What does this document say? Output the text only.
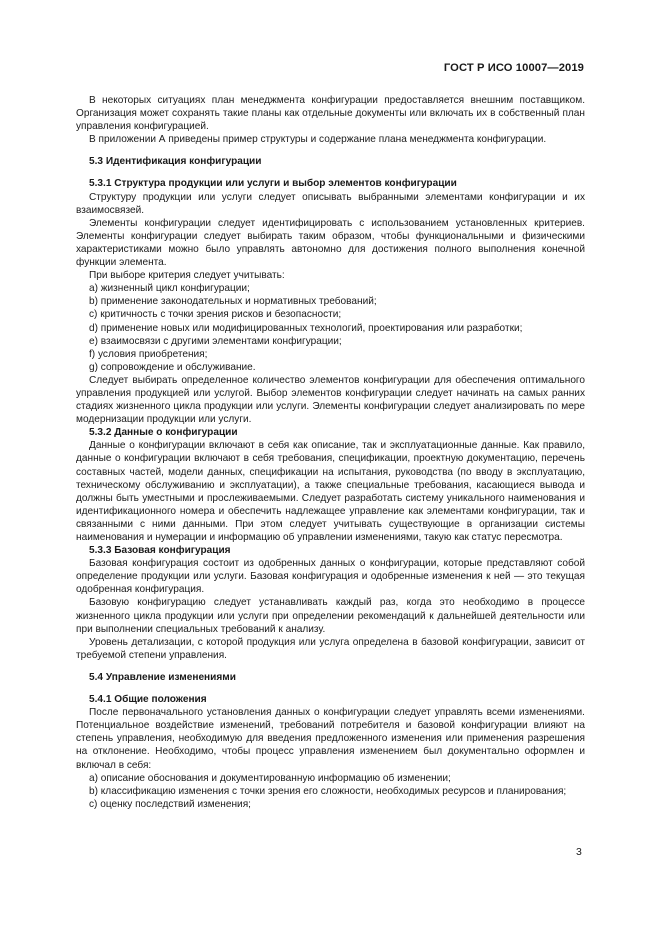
ГОСТ Р ИСО 10007—2019

В некоторых ситуациях план менеджмента конфигурации предоставляется внешним поставщиком. Организация может сохранять такие планы как отдельные документы или включать их в собственный план управления конфигурацией.

В приложении А приведены пример структуры и содержание плана менеджмента конфигурации.

5.3 Идентификация конфигурации

5.3.1 Структура продукции или услуги и выбор элементов конфигурации

Структуру продукции или услуги следует описывать выбранными элементами конфигурации и их взаимосвязей.

Элементы конфигурации следует идентифицировать с использованием установленных критериев. Элементы конфигурации следует выбирать таким образом, чтобы функциональными и физическими характеристиками можно было управлять автономно для достижения полного выполнения конечной функции элемента.

При выборе критерия следует учитывать:

a) жизненный цикл конфигурации;

b) применение законодательных и нормативных требований;

c) критичность с точки зрения рисков и безопасности;

d) применение новых или модифицированных технологий, проектирования или разработки;

e) взаимосвязи с другими элементами конфигурации;

f) условия приобретения;

g) сопровождение и обслуживание.

Следует выбирать определенное количество элементов конфигурации для обеспечения оптимального управления продукцией или услугой. Выбор элементов конфигурации следует начинать на самых ранних стадиях жизненного цикла продукции или услуги. Элементы конфигурации следует анализировать по мере модернизации продукции или услуги.

5.3.2 Данные о конфигурации

Данные о конфигурации включают в себя как описание, так и эксплуатационные данные. Как правило, данные о конфигурации включают в себя требования, спецификации, проектную документацию, перечень составных частей, модели данных, спецификации на испытания, руководства (по вводу в эксплуатацию, техническому обслуживанию и эксплуатации), а также специальные требования, касающиеся вывода и должны быть уместными и прослеживаемыми. Следует разработать систему уникального наименования и идентификационного номера и обеспечить надлежащее управление как элементами конфигурации, так и связанными с ними данными. При этом следует учитывать существующие в организации системы наименования и нумерации и информацию об управлении изменениями, такую как статус пересмотра.

5.3.3 Базовая конфигурация

Базовая конфигурация состоит из одобренных данных о конфигурации, которые представляют собой определение продукции или услуги. Базовая конфигурация и одобренные изменения к ней — это текущая одобренная конфигурация.

Базовую конфигурацию следует устанавливать каждый раз, когда это необходимо в процессе жизненного цикла продукции или услуги при определении рекомендаций к дальнейшей деятельности или при выполнении специальных требований к анализу.

Уровень детализации, с которой продукция или услуга определена в базовой конфигурации, зависит от требуемой степени управления.

5.4 Управление изменениями

5.4.1 Общие положения

После первоначального установления данных о конфигурации следует управлять всеми изменениями. Потенциальное воздействие изменений, требований потребителя и базовой конфигурации влияют на степень управления, необходимую для введения предложенного изменения или применения разрешения на отклонение. Необходимо, чтобы процесс управления изменением был документально оформлен и включал в себя:

a) описание обоснования и документированную информацию об изменении;

b) классификацию изменения с точки зрения его сложности, необходимых ресурсов и планирования;

c) оценку последствий изменения;

3
